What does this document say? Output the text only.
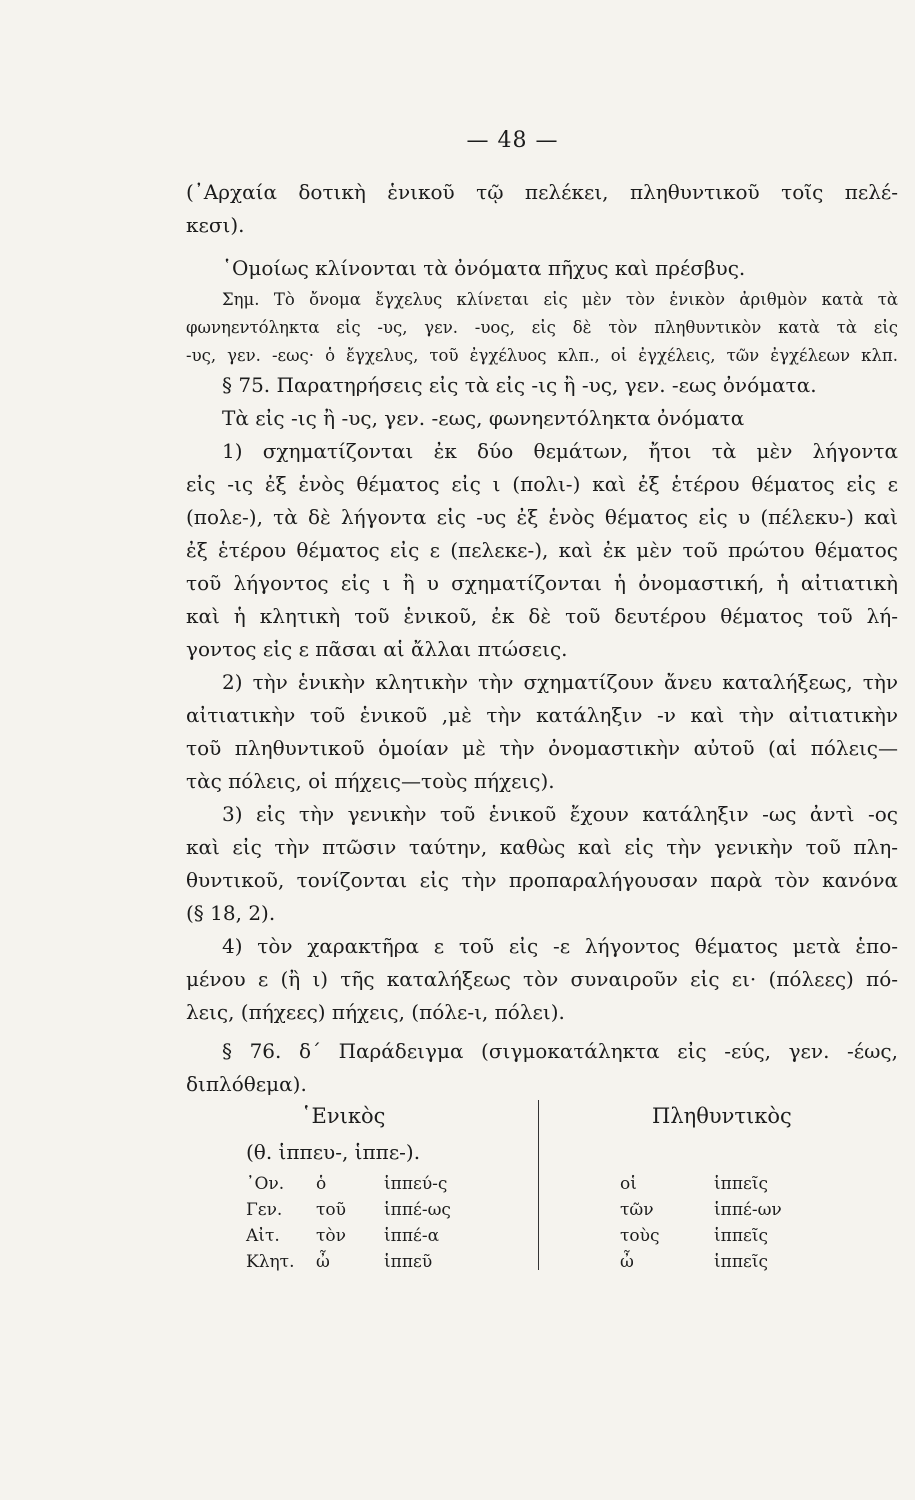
— 48 —
(᾿Αρχαία δοτικὴ ἑνικοῦ τῷ πελέκει, πληθυντικοῦ τοῖς πελέ-
κεσι).
῾Ομοίως κλίνονται τὰ ὀνόματα πῆχυς καὶ πρέσβυς.
Σημ. Τὸ ὄνομα ἔγχελυς κλίνεται εἰς μὲν τὸν ἑνικὸν ἀριθμὸν κατὰ τὰ
φωνηεντόληκτα εἰς -υς, γεν. -υος, εἰς δὲ τὸν πληθυντικὸν κατὰ τὰ εἰς
-υς, γεν. -εως· ὁ ἔγχελυς, τοῦ ἐγχέλυος κλπ., οἱ ἐγχέλεις, τῶν ἐγχέλεων κλπ.
§ 75. Παρατηρήσεις εἰς τὰ εἰς -ις ἢ -υς, γεν. -εως ὀνόματα.
Τὰ εἰς -ις ἢ -υς, γεν. -εως, φωνηεντόληκτα ὀνόματα
1) σχηματίζονται ἐκ δύο θεμάτων, ἤτοι τὰ μὲν λήγοντα
εἰς -ις ἐξ ἑνὸς θέματος εἰς ι (πολι-) καὶ ἐξ ἑτέρου θέματος εἰς ε
(πολε-), τὰ δὲ λήγοντα εἰς -υς ἐξ ἑνὸς θέματος εἰς υ (πέλεκυ-) καὶ
ἐξ ἑτέρου θέματος εἰς ε (πελεκε-), καὶ ἐκ μὲν τοῦ πρώτου θέματος
τοῦ λήγοντος εἰς ι ἢ υ σχηματίζονται ἡ ὀνομαστική, ἡ αἰτιατικὴ
καὶ ἡ κλητικὴ τοῦ ἑνικοῦ, ἐκ δὲ τοῦ δευτέρου θέματος τοῦ λή-
γοντος εἰς ε πᾶσαι αἱ ἄλλαι πτώσεις.
2) τὴν ἑνικὴν κλητικὴν τὴν σχηματίζουν ἄνευ καταλήξεως, τὴν
αἰτιατικὴν τοῦ ἑνικοῦ ,μὲ τὴν κατάληξιν -ν καὶ τὴν αἰτιατικὴν
τοῦ πληθυντικοῦ ὁμοίαν μὲ τὴν ὀνομαστικὴν αὐτοῦ (αἱ πόλεις—
τὰς πόλεις, οἱ πήχεις—τοὺς πήχεις).
3) εἰς τὴν γενικὴν τοῦ ἑνικοῦ ἔχουν κατάληξιν -ως ἀντὶ -ος
καὶ εἰς τὴν πτῶσιν ταύτην, καθὼς καὶ εἰς τὴν γενικὴν τοῦ πλη-
θυντικοῦ, τονίζονται εἰς τὴν προπαραλήγουσαν παρὰ τὸν κανόνα
(§ 18, 2).
4) τὸν χαρακτῆρα ε τοῦ εἰς -ε λήγοντος θέματος μετὰ ἑπο-
μένου ε (ἢ ι) τῆς καταλήξεως τὸν συναιροῦν εἰς ει· (πόλεες) πό-
λεις, (πήχεες) πήχεις, (πόλε-ι, πόλει).
§ 76. δ΄ Παράδειγμα (σιγμοκατάληκτα εἰς -εύς, γεν. -έως,
διπλόθεμα).
῾Ενικὸς	Πληθυντικὸς
(θ. ἱππευ-, ἱππε-).
᾿Ον. ὁ	ἱππεύ-ς	οἱ	ἱππεῖς
Γεν. τοῦ ἱππέ-ως	τῶν	ἱππέ-ων
Αἰτ. τὸν ἱππέ-α	τοὺς	ἱππεῖς
Κλητ. ὦ	ἱππεῦ	ὦ	ἱππεῖς
